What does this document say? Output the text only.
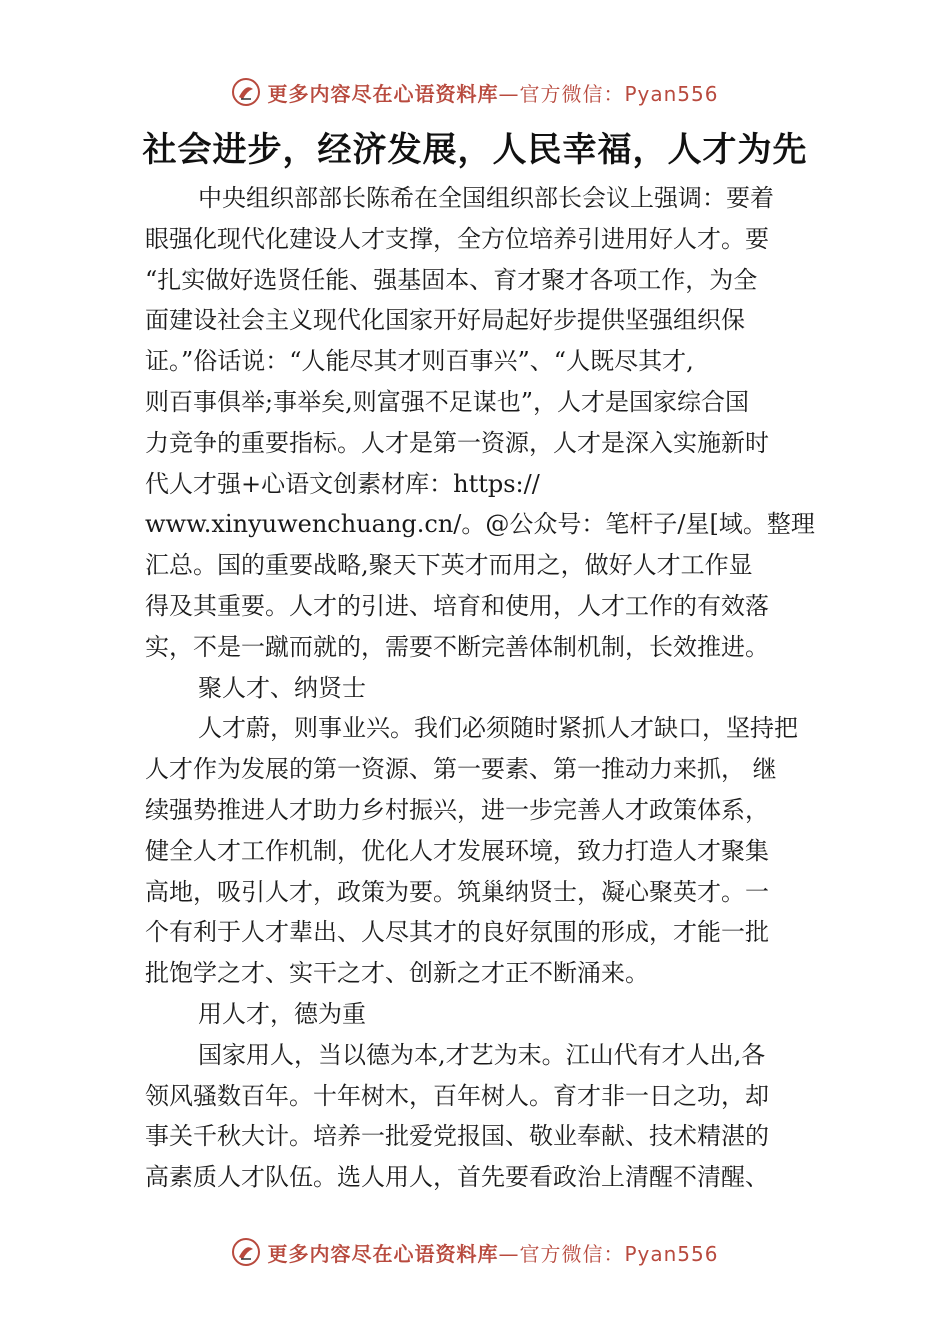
更多内容尽在心语资料库 —官方微信：Pyan556
社会进步，经济发展，人民幸福，人才为先
中央组织部部长陈希在全国组织部长会议上强调：要着
眼强化现代化建设人才支撑，全方位培养引进用好人才。要
“扎实做好选贤任能、强基固本、育才聚才各项工作，为全
面建设社会主义现代化国家开好局起好步提供坚强组织保
证。”俗话说：“人能尽其才则百事兴”、“人既尽其才,
则百事俱举;事举矣,则富强不足谋也”，人才是国家综合国
力竞争的重要指标。人才是第一资源，人才是深入实施新时
代人才强+心语文创素材库：https://
www.xinyuwenchuang.cn/。@公众号：笔杆子/星[域。整理
汇总。国的重要战略,聚天下英才而用之，做好人才工作显
得及其重要。人才的引进、培育和使用，人才工作的有效落
实，不是一蹴而就的，需要不断完善体制机制，长效推进。
聚人才、纳贤士
人才蔚，则事业兴。我们必须随时紧抓人才缺口，坚持把
人才作为发展的第一资源、第一要素、第一推动力来抓， 继
续强势推进人才助力乡村振兴，进一步完善人才政策体系，
健全人才工作机制，优化人才发展环境，致力打造人才聚集
高地，吸引人才，政策为要。筑巢纳贤士，凝心聚英才。一
个有利于人才辈出、人尽其才的良好氛围的形成，才能一批
批饱学之才、实干之才、创新之才正不断涌来。
用人才，德为重
国家用人，当以德为本,才艺为末。江山代有才人出,各
领风骚数百年。十年树木，百年树人。育才非一日之功，却
事关千秋大计。培养一批爱党报国、敬业奉献、技术精湛的
高素质人才队伍。选人用人，首先要看政治上清醒不清醒、
更多内容尽在心语资料库 —官方微信：Pyan556
